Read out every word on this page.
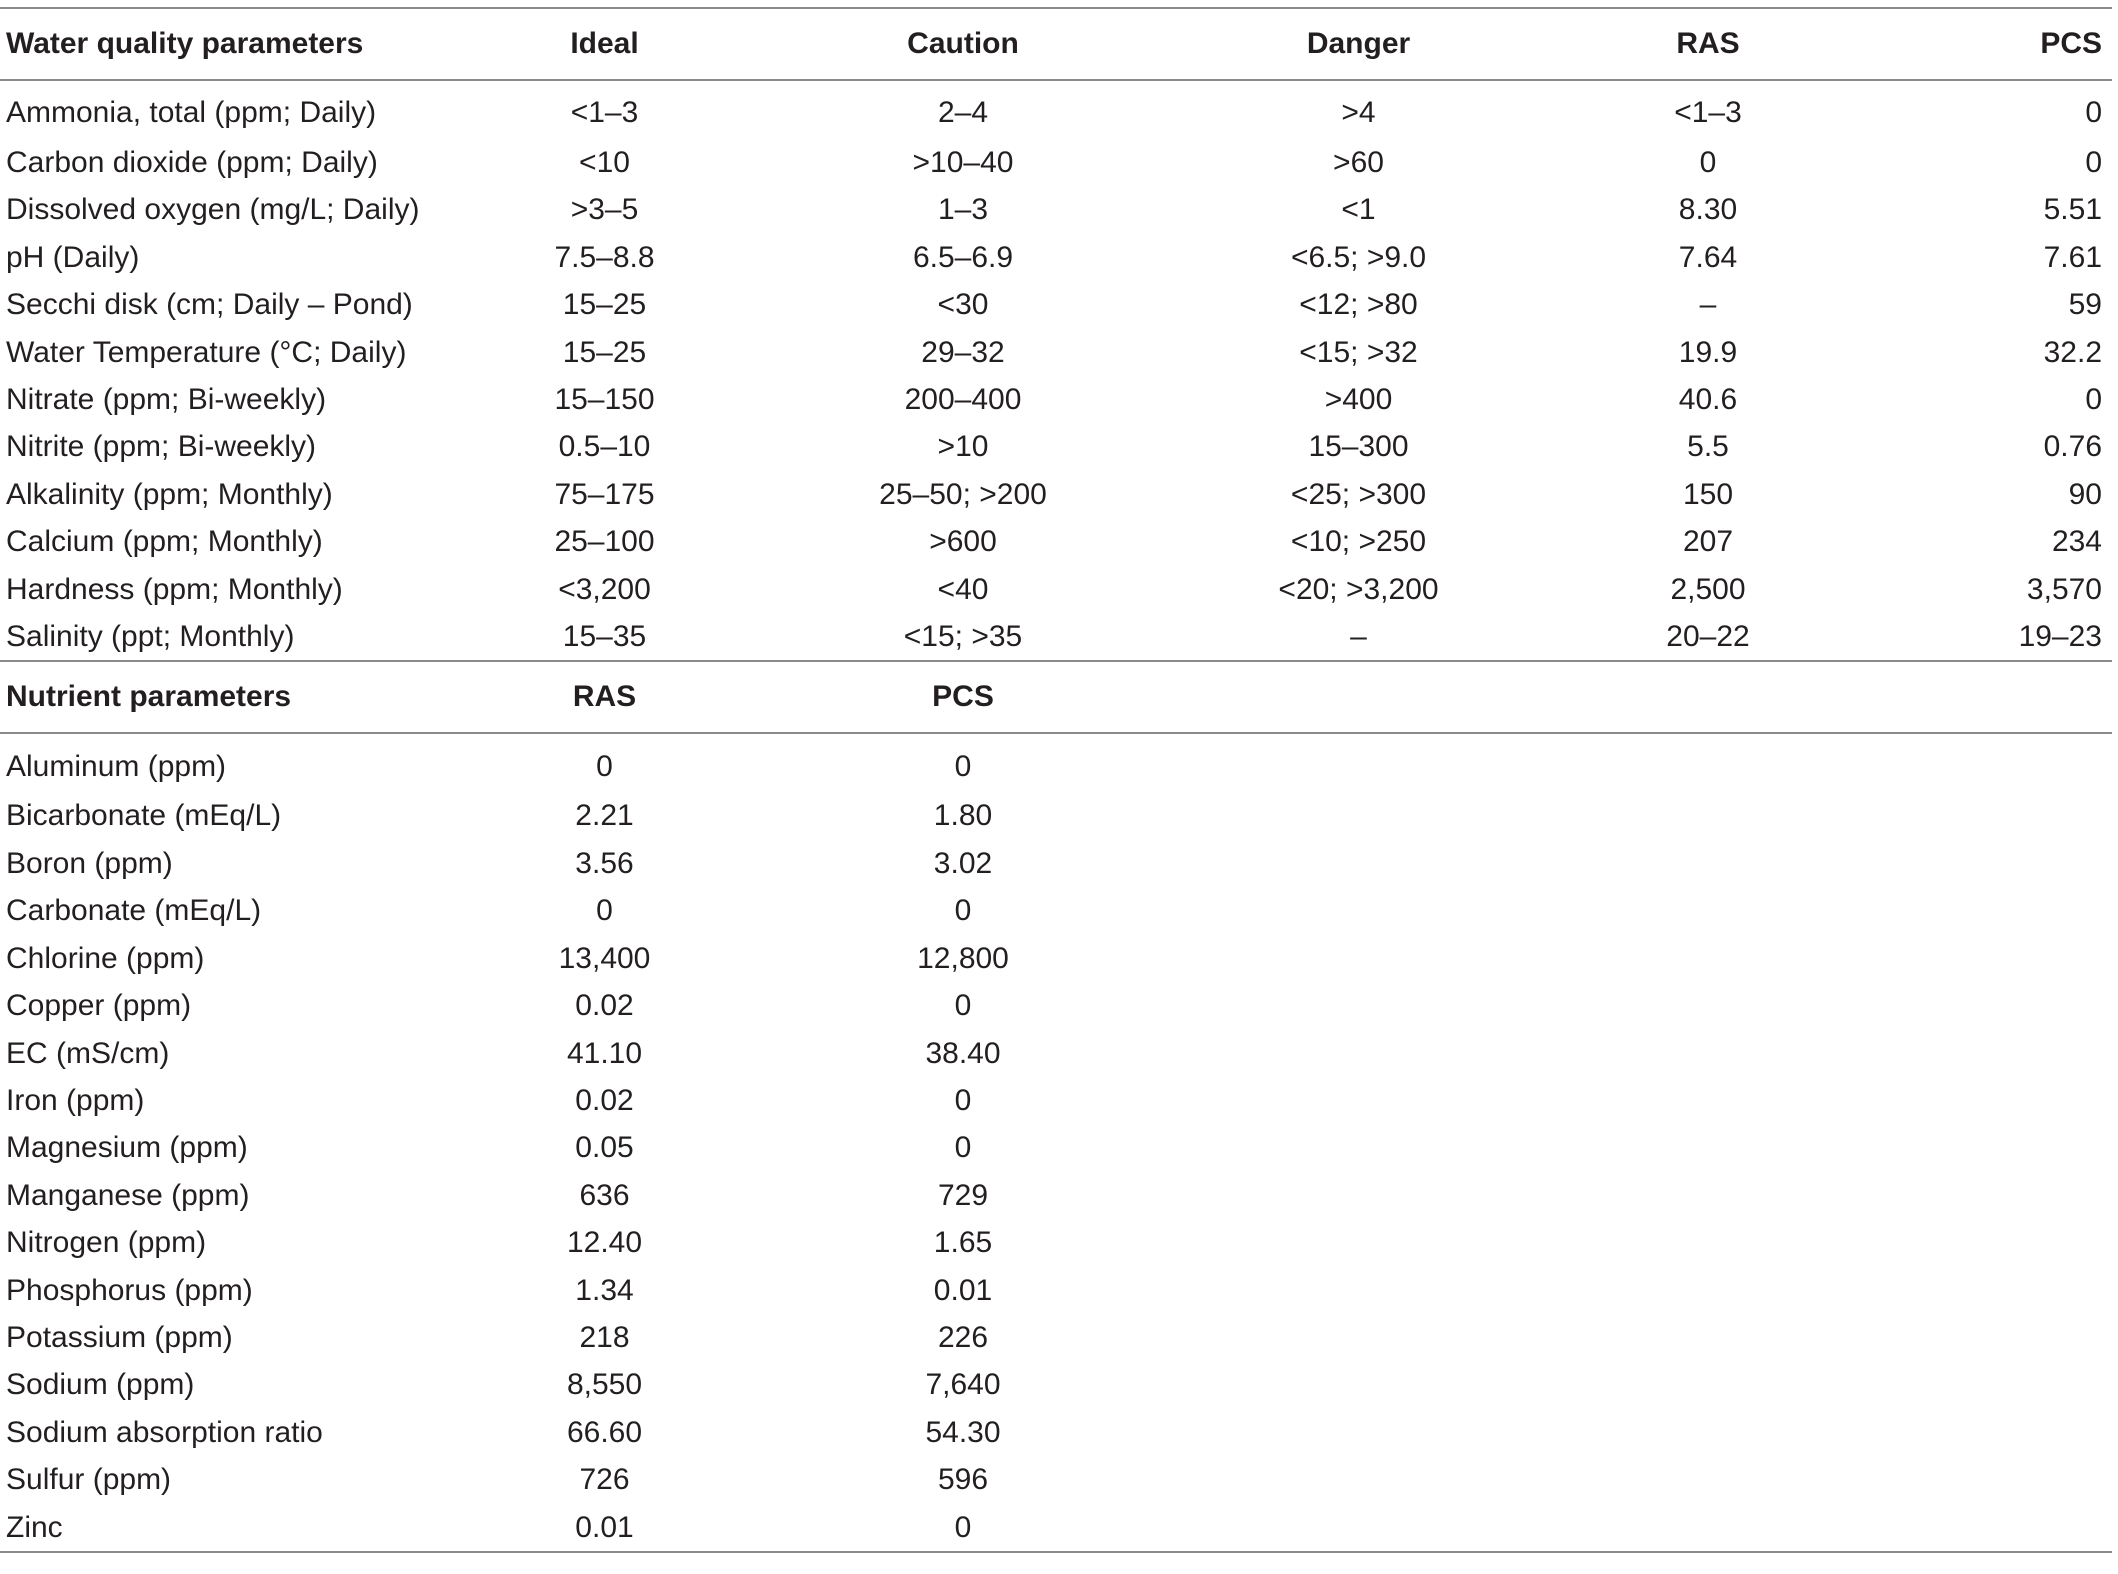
Water quality parameters	Ideal	Caution	Danger	RAS	PCS
Ammonia, total (ppm; Daily)	<1–3	2–4	>4	<1–3	0
Carbon dioxide (ppm; Daily)	<10	>10–40	>60	0	0
Dissolved oxygen (mg/L; Daily)	>3–5	1–3	<1	8.30	5.51
pH (Daily)	7.5–8.8	6.5–6.9	<6.5; >9.0	7.64	7.61
Secchi disk (cm; Daily – Pond)	15–25	<30	<12; >80	–	59
Water Temperature (°C; Daily)	15–25	29–32	<15; >32	19.9	32.2
Nitrate (ppm; Bi-weekly)	15–150	200–400	>400	40.6	0
Nitrite (ppm; Bi-weekly)	0.5–10	>10	15–300	5.5	0.76
Alkalinity (ppm; Monthly)	75–175	25–50; >200	<25; >300	150	90
Calcium (ppm; Monthly)	25–100	>600	<10; >250	207	234
Hardness (ppm; Monthly)	<3,200	<40	<20; >3,200	2,500	3,570
Salinity (ppt; Monthly)	15–35	<15; >35	–	20–22	19–23
Nutrient parameters	RAS	PCS			
Aluminum (ppm)	0	0			
Bicarbonate (mEq/L)	2.21	1.80			
Boron (ppm)	3.56	3.02			
Carbonate (mEq/L)	0	0			
Chlorine (ppm)	13,400	12,800			
Copper (ppm)	0.02	0			
EC (mS/cm)	41.10	38.40			
Iron (ppm)	0.02	0			
Magnesium (ppm)	0.05	0			
Manganese (ppm)	636	729			
Nitrogen (ppm)	12.40	1.65			
Phosphorus (ppm)	1.34	0.01			
Potassium (ppm)	218	226			
Sodium (ppm)	8,550	7,640			
Sodium absorption ratio	66.60	54.30			
Sulfur (ppm)	726	596			
Zinc	0.01	0			
